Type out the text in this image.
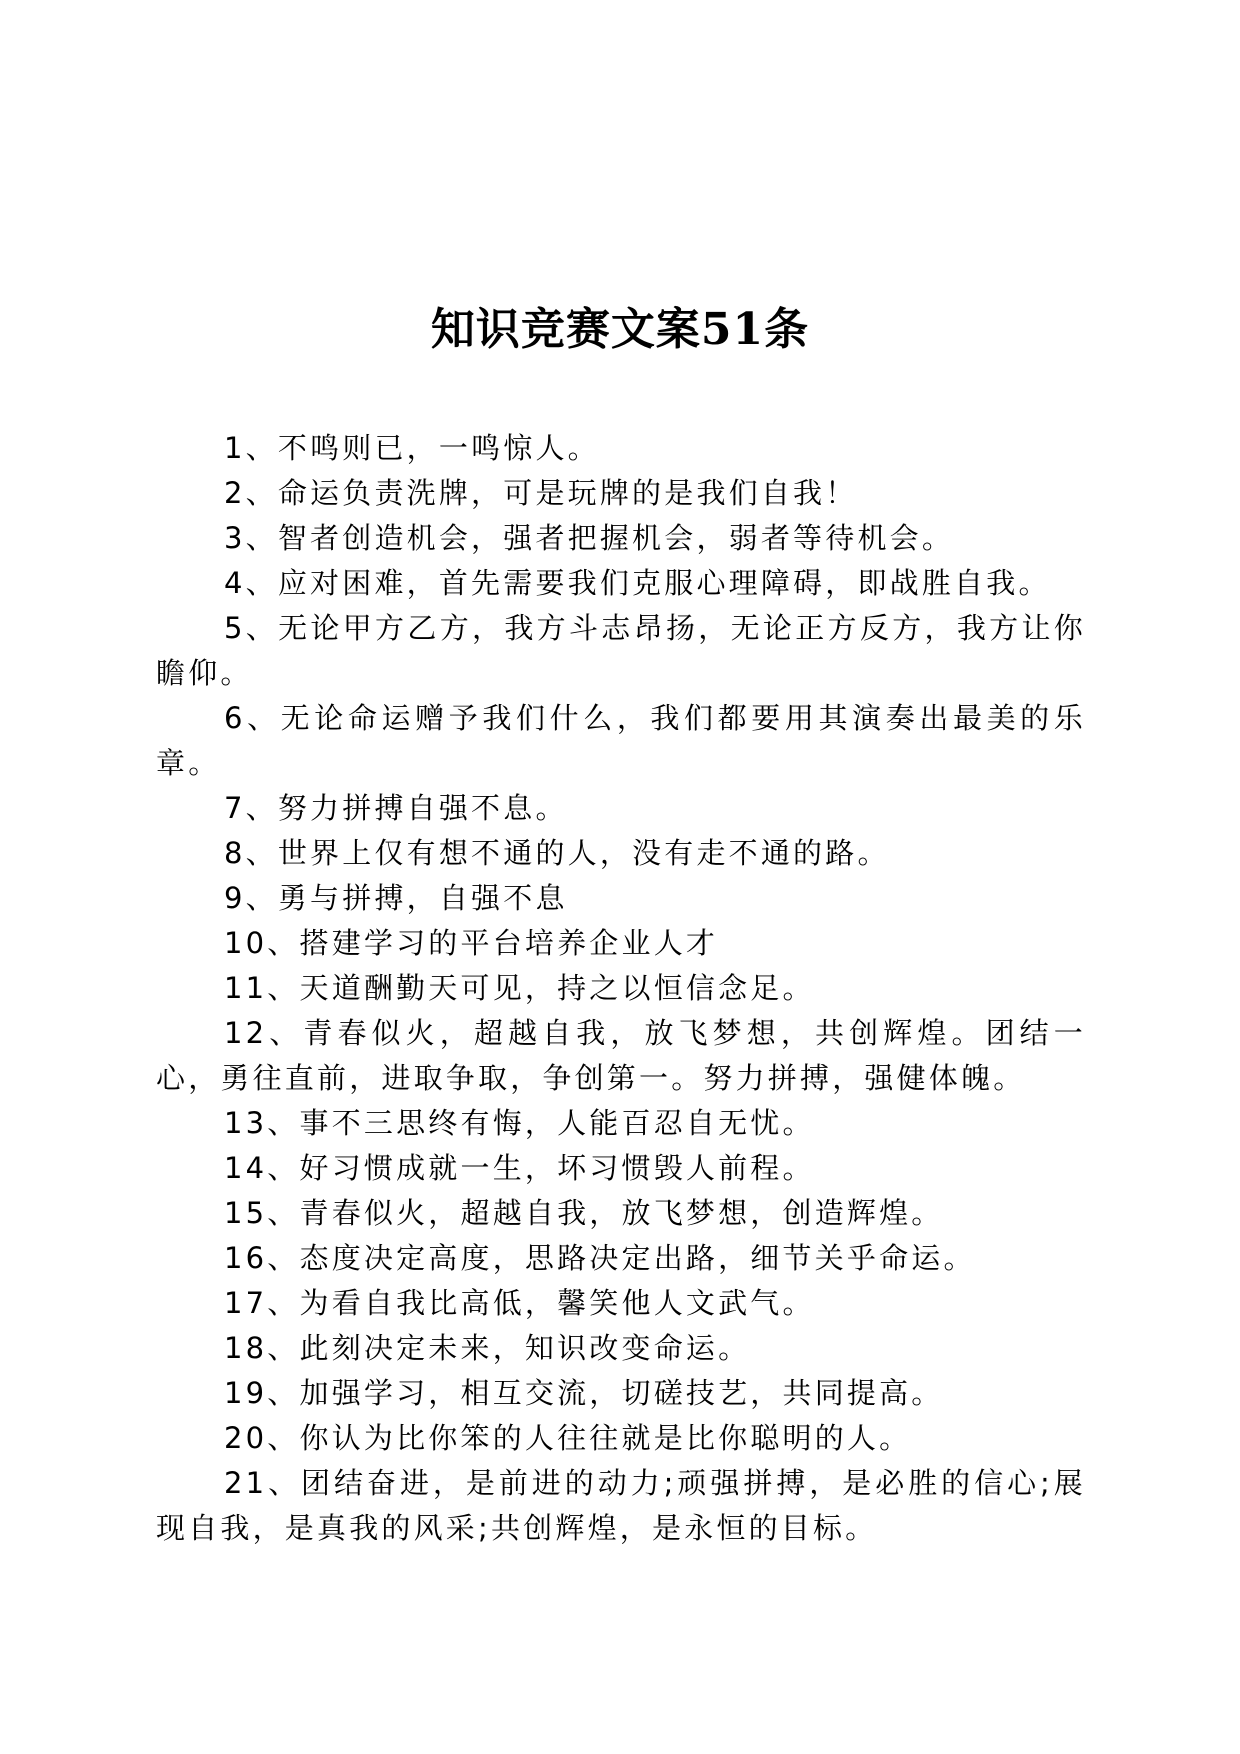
知识竞赛文案51条

1、不鸣则已，一鸣惊人。

2、命运负责洗牌，可是玩牌的是我们自我！

3、智者创造机会，强者把握机会，弱者等待机会。

4、应对困难，首先需要我们克服心理障碍，即战胜自我。

5、无论甲方乙方，我方斗志昂扬，无论正方反方，我方让你瞻仰。

6、无论命运赠予我们什么，我们都要用其演奏出最美的乐章。

7、努力拼搏自强不息。

8、世界上仅有想不通的人，没有走不通的路。

9、勇与拼搏，自强不息

10、搭建学习的平台培养企业人才

11、天道酬勤天可见，持之以恒信念足。

12、青春似火，超越自我，放飞梦想，共创辉煌。团结一心，勇往直前，进取争取，争创第一。努力拼搏，强健体魄。

13、事不三思终有悔，人能百忍自无忧。

14、好习惯成就一生，坏习惯毁人前程。

15、青春似火，超越自我，放飞梦想，创造辉煌。

16、态度决定高度，思路决定出路，细节关乎命运。

17、为看自我比高低，馨笑他人文武气。

18、此刻决定未来，知识改变命运。

19、加强学习，相互交流，切磋技艺，共同提高。

20、你认为比你笨的人往往就是比你聪明的人。

21、团结奋进，是前进的动力;顽强拼搏，是必胜的信心;展现自我，是真我的风采;共创辉煌，是永恒的目标。
